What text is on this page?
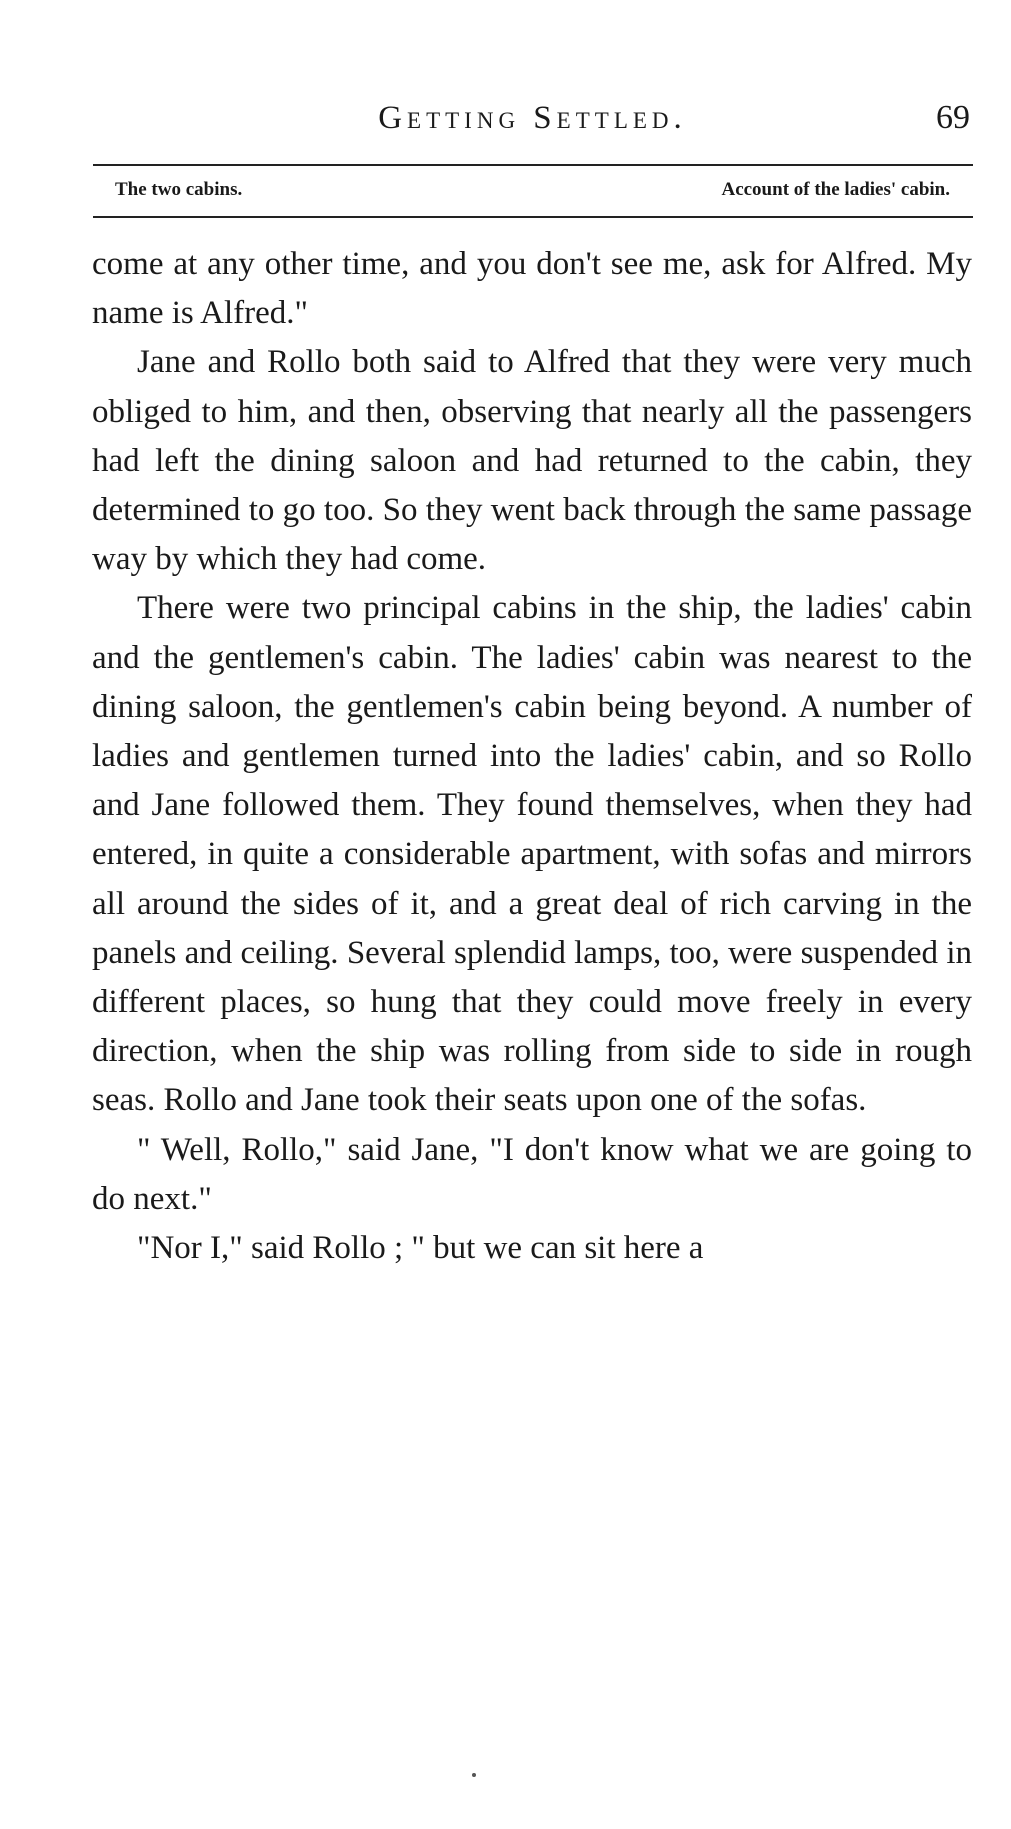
Getting Settled.	69
The two cabins.	Account of the ladies' cabin.

come at any other time, and you don't see me, ask for Alfred. My name is Alfred."

Jane and Rollo both said to Alfred that they were very much obliged to him, and then, observing that nearly all the passengers had left the dining saloon and had returned to the cabin, they determined to go too. So they went back through the same passage way by which they had come.

There were two principal cabins in the ship, the ladies' cabin and the gentlemen's cabin. The ladies' cabin was nearest to the dining saloon, the gentlemen's cabin being beyond. A number of ladies and gentlemen turned into the ladies' cabin, and so Rollo and Jane followed them. They found themselves, when they had entered, in quite a considerable apartment, with sofas and mirrors all around the sides of it, and a great deal of rich carving in the panels and ceiling. Several splendid lamps, too, were suspended in different places, so hung that they could move freely in every direction, when the ship was rolling from side to side in rough seas. Rollo and Jane took their seats upon one of the sofas.

" Well, Rollo," said Jane, "I don't know what we are going to do next."

"Nor I," said Rollo ; " but we can sit here a
